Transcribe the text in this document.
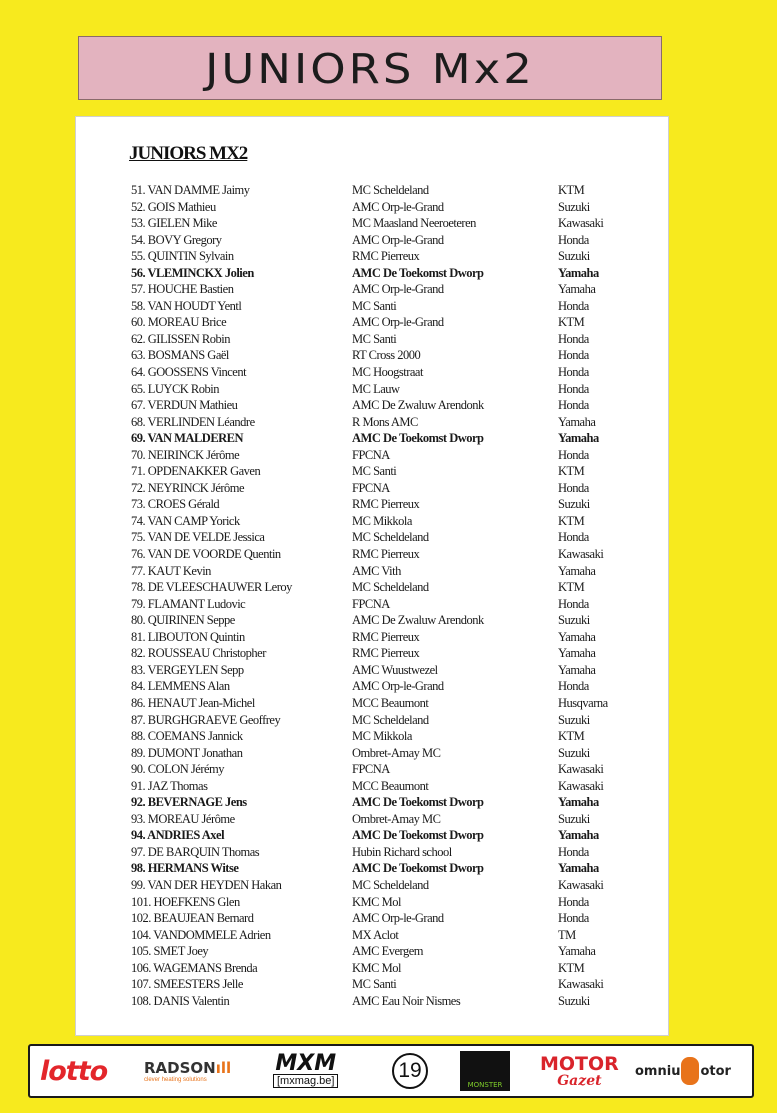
JUNIORS Mx2
JUNIORS MX2
51. VAN DAMME Jaimy	MC Scheldeland	KTM
52. GOIS Mathieu	AMC Orp-le-Grand	Suzuki
53. GIELEN Mike	MC Maasland Neeroeteren	Kawasaki
54. BOVY Gregory	AMC Orp-le-Grand	Honda
55. QUINTIN Sylvain	RMC Pierreux	Suzuki
56. VLEMINCKX Jolien	AMC De Toekomst Dworp	Yamaha
57. HOUCHE Bastien	AMC Orp-le-Grand	Yamaha
58. VAN HOUDT Yentl	MC Santi	Honda
60. MOREAU Brice	AMC Orp-le-Grand	KTM
62. GILISSEN Robin	MC Santi	Honda
63. BOSMANS Gaël	RT Cross 2000	Honda
64. GOOSSENS Vincent	MC Hoogstraat	Honda
65. LUYCK Robin	MC Lauw	Honda
67. VERDUN Mathieu	AMC De Zwaluw Arendonk	Honda
68. VERLINDEN Léandre	R Mons AMC	Yamaha
69. VAN MALDEREN	AMC De Toekomst Dworp	Yamaha
70. NEIRINCK Jérôme	FPCNA	Honda
71. OPDENAKKER Gaven	MC Santi	KTM
72. NEYRINCK Jérôme	FPCNA	Honda
73. CROES Gérald	RMC Pierreux	Suzuki
74. VAN CAMP Yorick	MC Mikkola	KTM
75. VAN DE VELDE Jessica	MC Scheldeland	Honda
76. VAN DE VOORDE Quentin	RMC Pierreux	Kawasaki
77. KAUT Kevin	AMC Vith	Yamaha
78. DE VLEESCHAUWER Leroy	MC Scheldeland	KTM
79. FLAMANT Ludovic	FPCNA	Honda
80. QUIRINEN Seppe	AMC De Zwaluw Arendonk	Suzuki
81. LIBOUTON Quintin	RMC Pierreux	Yamaha
82. ROUSSEAU Christopher	RMC Pierreux	Yamaha
83. VERGEYLEN Sepp	AMC Wuustwezel	Yamaha
84. LEMMENS Alan	AMC Orp-le-Grand	Honda
86. HENAUT Jean-Michel	MCC Beaumont	Husqvarna
87. BURGHGRAEVE Geoffrey	MC Scheldeland	Suzuki
88. COEMANS Jannick	MC Mikkola	KTM
89. DUMONT Jonathan	Ombret-Amay MC	Suzuki
90. COLON Jérémy	FPCNA	Kawasaki
91. JAZ Thomas	MCC Beaumont	Kawasaki
92. BEVERNAGE Jens	AMC De Toekomst Dworp	Yamaha
93. MOREAU Jérôme	Ombret-Amay MC	Suzuki
94. ANDRIES Axel	AMC De Toekomst Dworp	Yamaha
97. DE BARQUIN Thomas	Hubin Richard school	Honda
98. HERMANS Witse	AMC De Toekomst Dworp	Yamaha
99. VAN DER HEYDEN Hakan	MC Scheldeland	Kawasaki
101. HOEFKENS Glen	KMC Mol	Honda
102. BEAUJEAN Bernard	AMC Orp-le-Grand	Honda
104. VANDOMMELE Adrien	MX Aclot	TM
105. SMET Joey	AMC Evergem	Yamaha
106. WAGEMANS Brenda	KMC Mol	KTM
107. SMEESTERS Jelle	MC Santi	Kawasaki
108. DANIS Valentin	AMC Eau Noir Nismes	Suzuki
lotto RADSONıll
clever heating solutions
MXM
[mxmag.be]	19
MONSTER
MOTOR
Gazet
omniu otor
